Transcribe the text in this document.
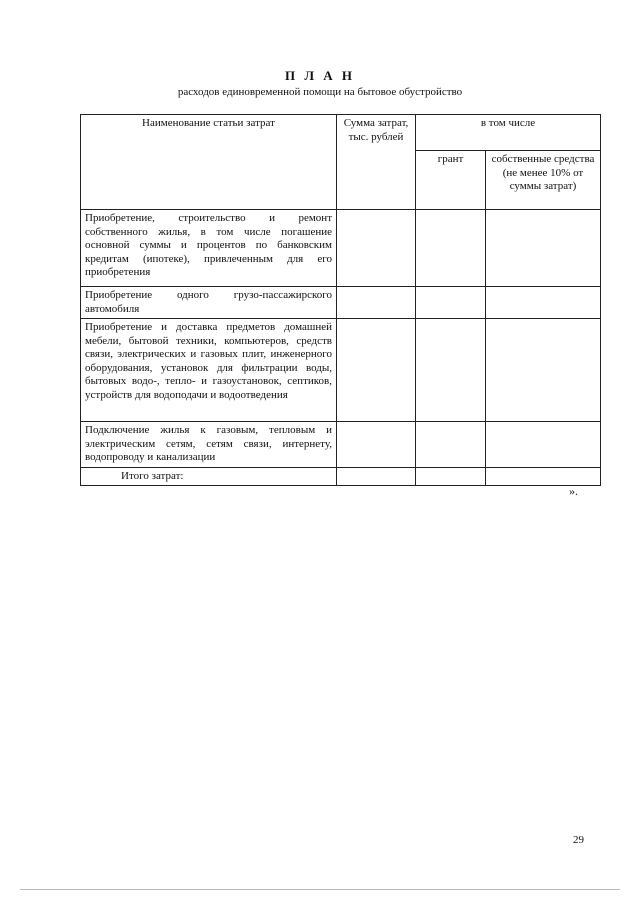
П Л А Н
расходов единовременной помощи на бытовое обустройство
Наименование статьи затрат	Сумма затрат, тыс. рублей	в том числе	
		грант	собственные средства (не менее 10% от суммы затрат)
Приобретение, строительство и ремонт собственного жилья, в том числе погашение основной суммы и процентов по банковским кредитам (ипотеке), привлеченным для его приобретения			
Приобретение одного грузо-пассажирского автомобиля			
Приобретение и доставка предметов домашней мебели, бытовой техники, компьютеров, средств связи, электрических и газовых плит, инженерного оборудования, установок для фильтрации воды, бытовых водо-, тепло- и газоустановок, септиков, устройств для водоподачи и водоотведения			
Подключение жилья к газовым, тепловым и электрическим сетям, сетям связи, интернету, водопроводу и канализации			
Итого затрат:			
».
29
